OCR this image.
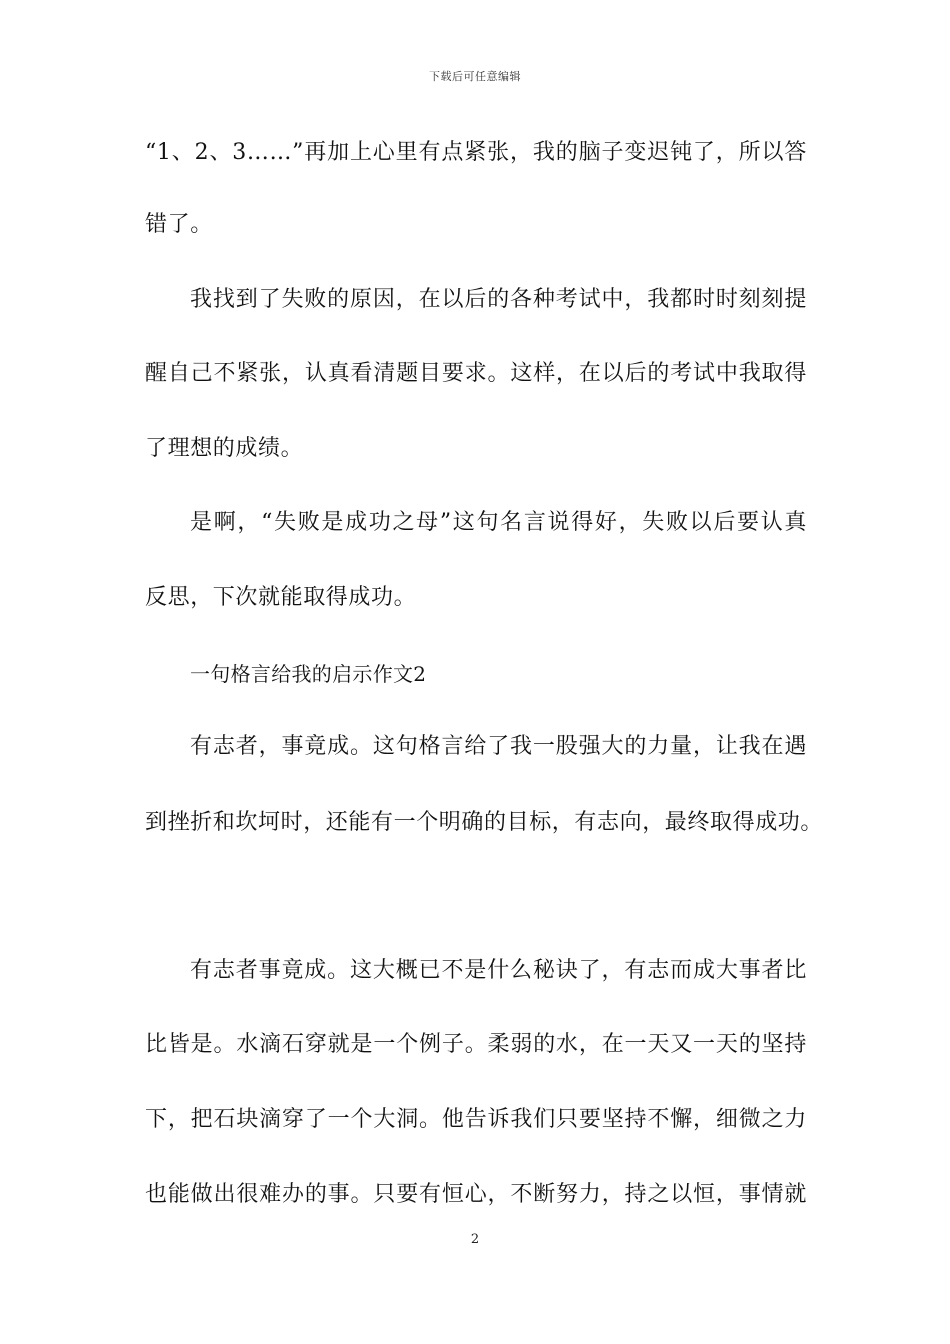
下载后可任意编辑
“1、2、3……”再加上心里有点紧张，我的脑子变迟钝了，所以答
错了。
我找到了失败的原因，在以后的各种考试中，我都时时刻刻提
醒自己不紧张，认真看清题目要求。这样，在以后的考试中我取得
了理想的成绩。
是啊，“失败是成功之母”这句名言说得好，失败以后要认真
反思，下次就能取得成功。
一句格言给我的启示作文2
有志者，事竟成。这句格言给了我一股强大的力量，让我在遇
到挫折和坎坷时，还能有一个明确的目标，有志向，最终取得成功。
有志者事竟成。这大概已不是什么秘诀了，有志而成大事者比
比皆是。水滴石穿就是一个例子。柔弱的水，在一天又一天的坚持
下，把石块滴穿了一个大洞。他告诉我们只要坚持不懈，细微之力
也能做出很难办的事。只要有恒心，不断努力，持之以恒，事情就
2
